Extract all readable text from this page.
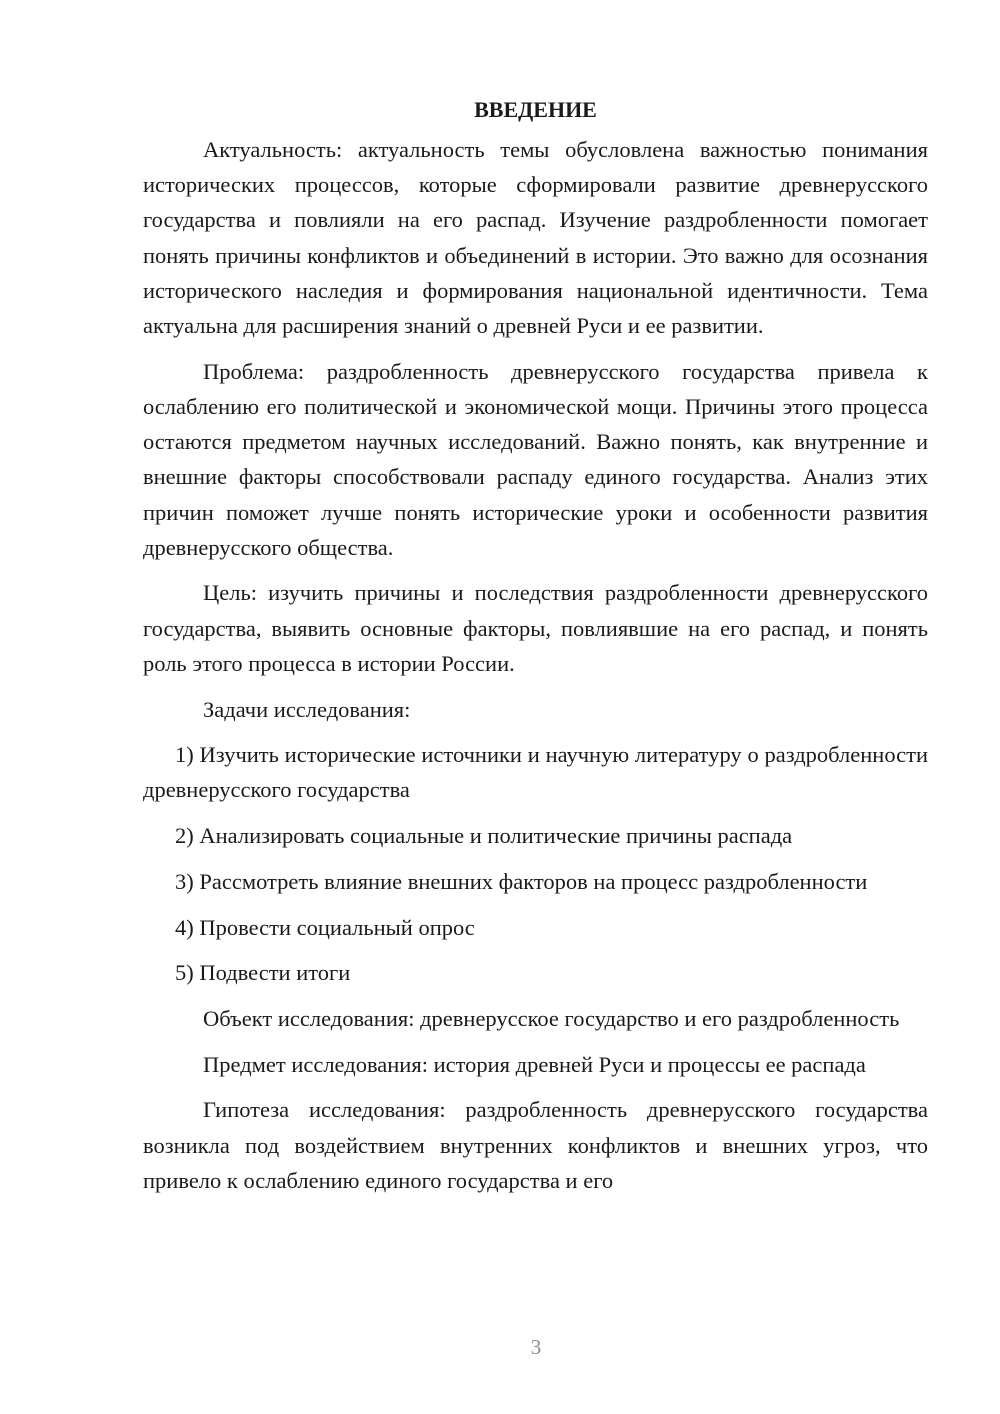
ВВЕДЕНИЕ
Актуальность: актуальность темы обусловлена важностью понимания исторических процессов, которые сформировали развитие древнерусского государства и повлияли на его распад. Изучение раздробленности помогает понять причины конфликтов и объединений в истории. Это важно для осознания исторического наследия и формирования национальной идентичности. Тема актуальна для расширения знаний о древней Руси и ее развитии.
Проблема: раздробленность древнерусского государства привела к ослаблению его политической и экономической мощи. Причины этого процесса остаются предметом научных исследований. Важно понять, как внутренние и внешние факторы способствовали распаду единого государства. Анализ этих причин поможет лучше понять исторические уроки и особенности развития древнерусского общества.
Цель: изучить причины и последствия раздробленности древнерусского государства, выявить основные факторы, повлиявшие на его распад, и понять роль этого процесса в истории России.
Задачи исследования:
1) Изучить исторические источники и научную литературу о раздробленности древнерусского государства
2) Анализировать социальные и политические причины распада
3) Рассмотреть влияние внешних факторов на процесс раздробленности
4) Провести социальный опрос
5) Подвести итоги
Объект исследования: древнерусское государство и его раздробленность
Предмет исследования: история древней Руси и процессы ее распада
Гипотеза исследования: раздробленность древнерусского государства возникла под воздействием внутренних конфликтов и внешних угроз, что привело к ослаблению единого государства и его
3
